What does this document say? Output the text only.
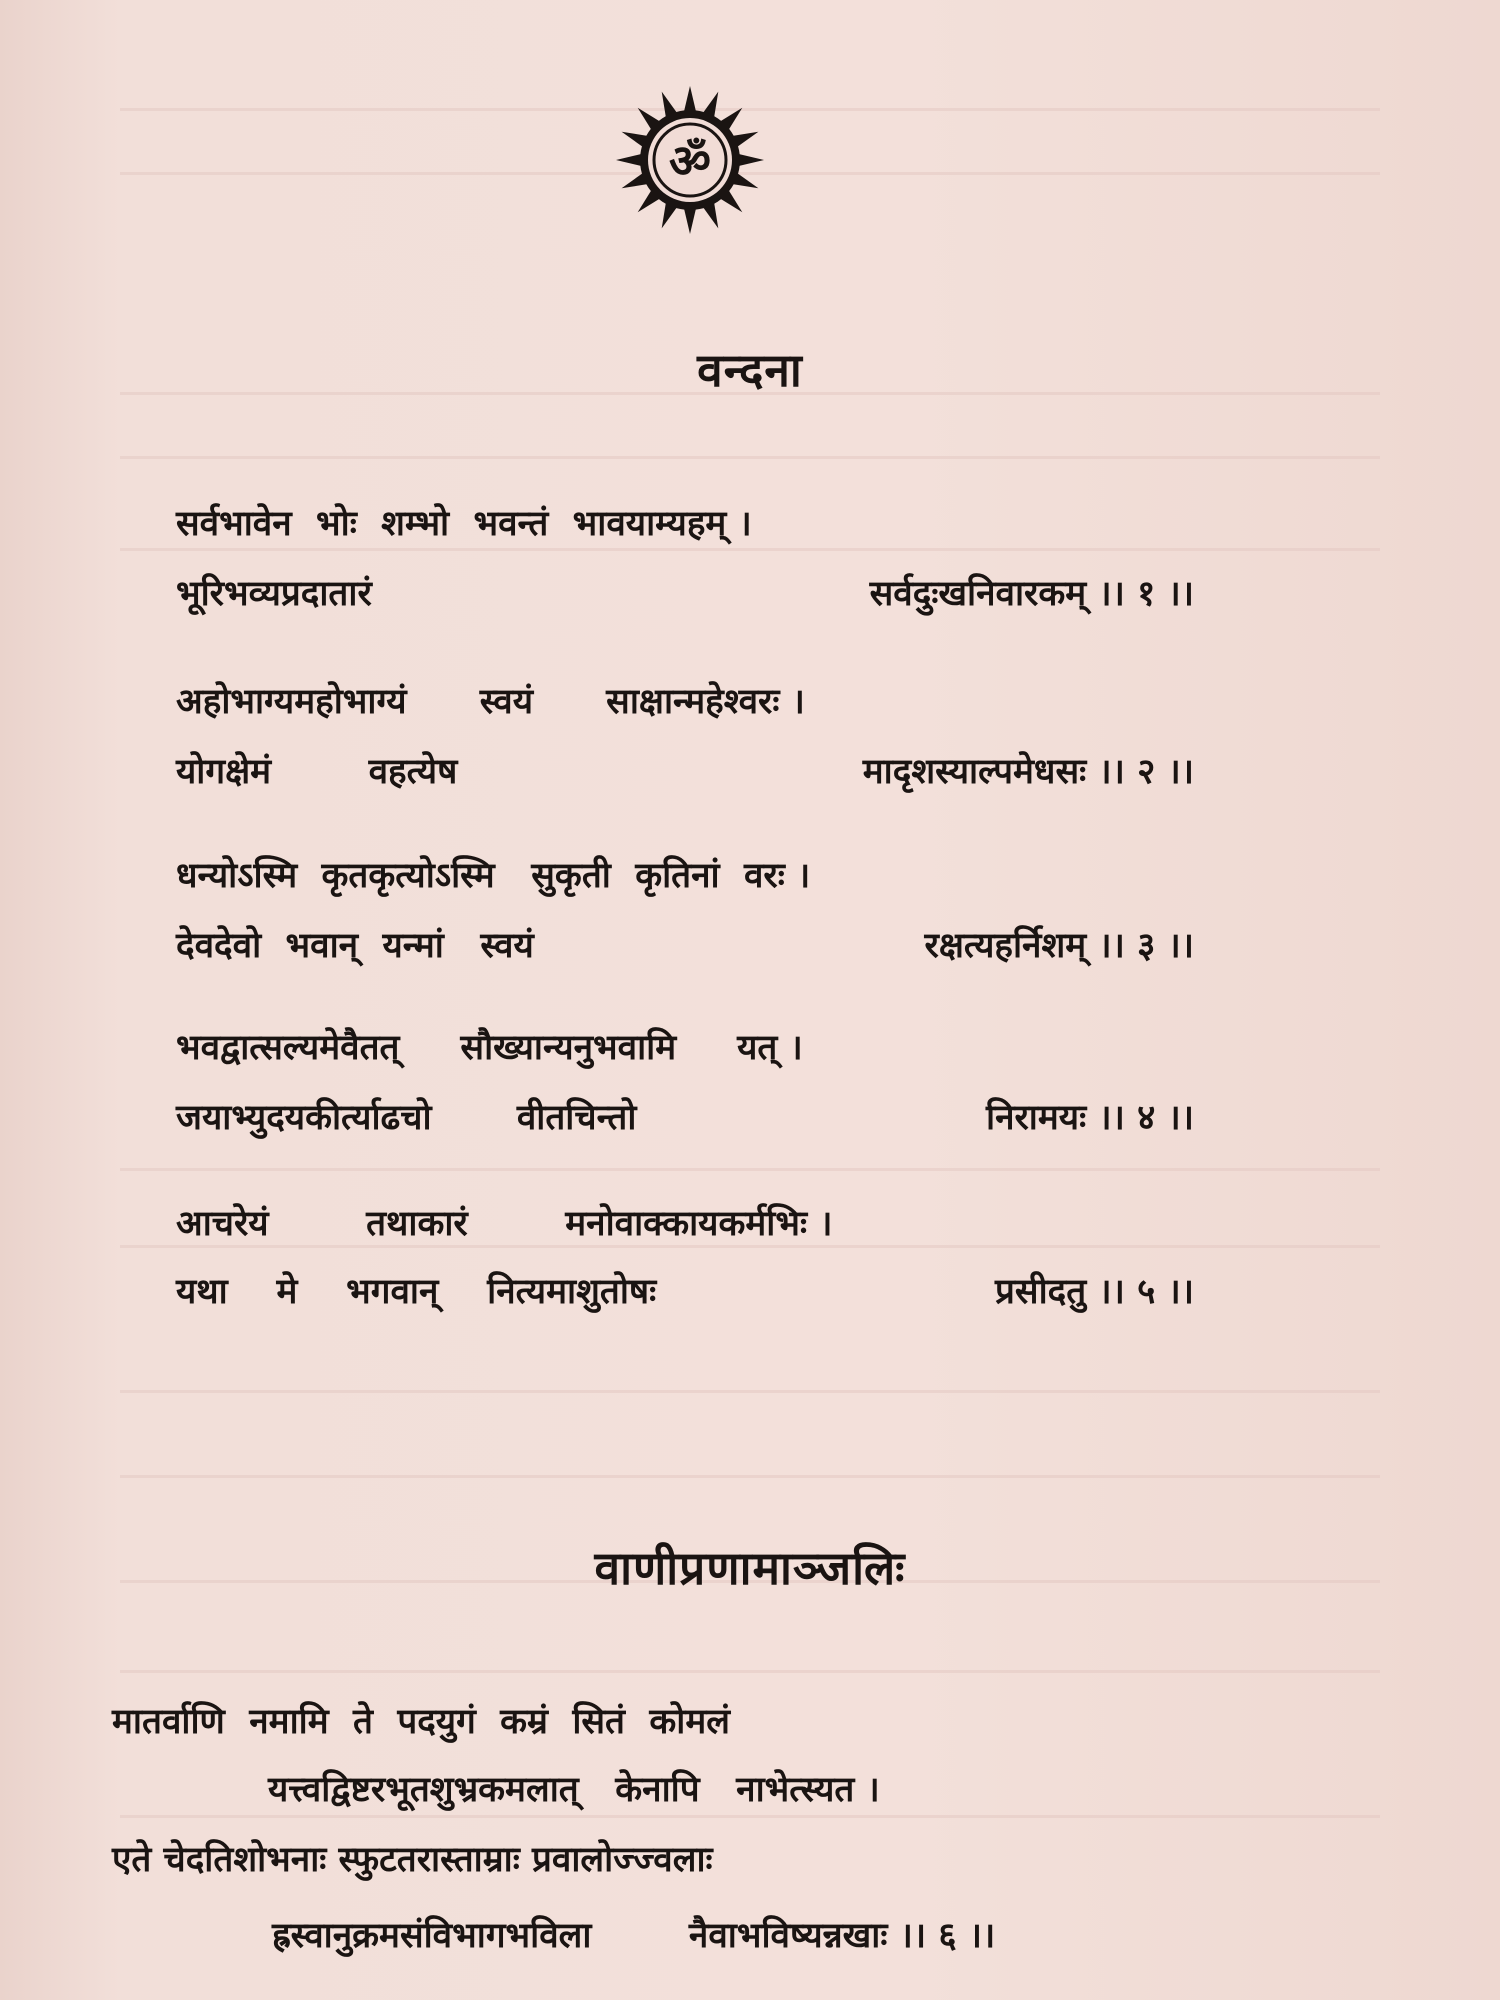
ॐ
वन्दना
सर्वभावेन  भोः  शम्भो  भवन्तं  भावयाम्यहम् ।
भूरिभव्यप्रदातारं	सर्वदुःखनिवारकम् ।। १ ।।
अहोभाग्यमहोभाग्यं      स्वयं      साक्षान्महेश्वरः ।
योगक्षेमं        वहत्येष	मादृशस्याल्पमेधसः ।। २ ।।
धन्योऽस्मि  कृतकृत्योऽस्मि   सुकृती  कृतिनां  वरः ।
देवदेवो  भवान्  यन्मां   स्वयं	रक्षत्यहर्निशम् ।। ३ ।।
भवद्वात्सल्यमेवैतत्     सौख्यान्यनुभवामि     यत् ।
जयाभ्युदयकीर्त्याढचो       वीतचिन्तो	निरामयः ।। ४ ।।
आचरेयं        तथाकारं        मनोवाक्कायकर्मभिः ।
यथा    मे    भगवान्    नित्यमाशुतोषः	प्रसीदतु ।। ५ ।।
वाणीप्रणामाञ्जलिः
मातर्वाणि  नमामि  ते  पदयुगं  कम्रं  सितं  कोमलं
यत्त्वद्विष्टरभूतशुभ्रकमलात्   केनापि   नाभेत्स्यत ।
एते चेदतिशोभनाः स्फुटतरास्ताम्राः प्रवालोज्ज्वलाः
ह्रस्वानुक्रमसंविभागभविला        नैवाभविष्यन्नखाः ।। ६ ।।
